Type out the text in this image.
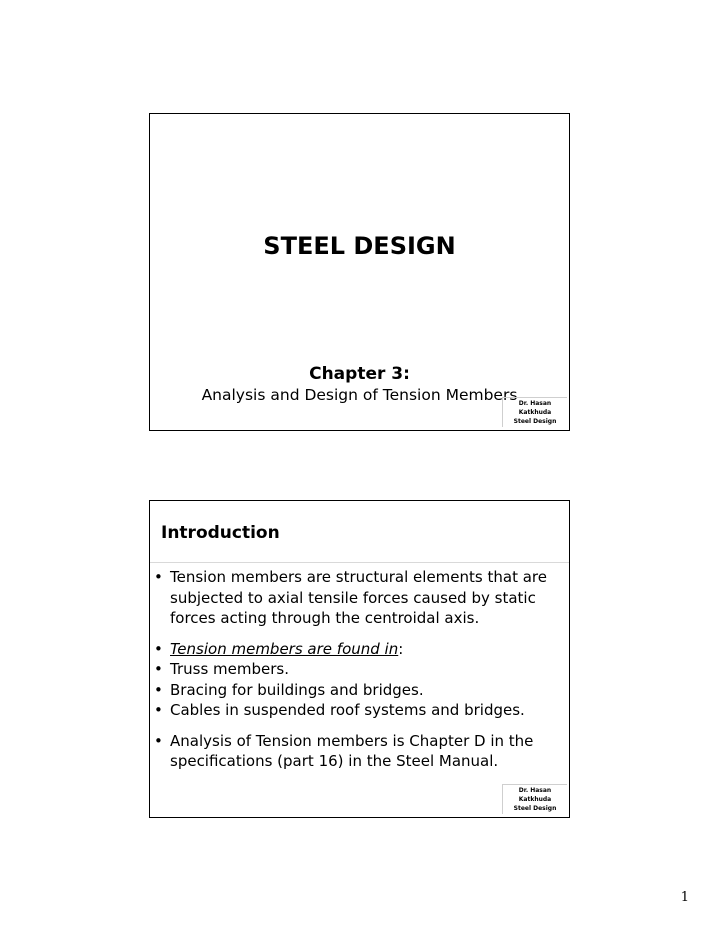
STEEL DESIGN
Chapter 3:
Analysis and Design of Tension Members Dr. Hasan Katkhuda
Steel Design
Introduction
• Tension members are structural elements that are subjected to axial tensile forces caused by static forces acting through the centroidal axis.
• Tension members are found in:
• Truss members.
• Bracing for buildings and bridges.
• Cables in suspended roof systems and bridges.
• Analysis of Tension members is Chapter D in the specifications (part 16) in the Steel Manual.
Dr. Hasan Katkhuda
Steel Design
1
